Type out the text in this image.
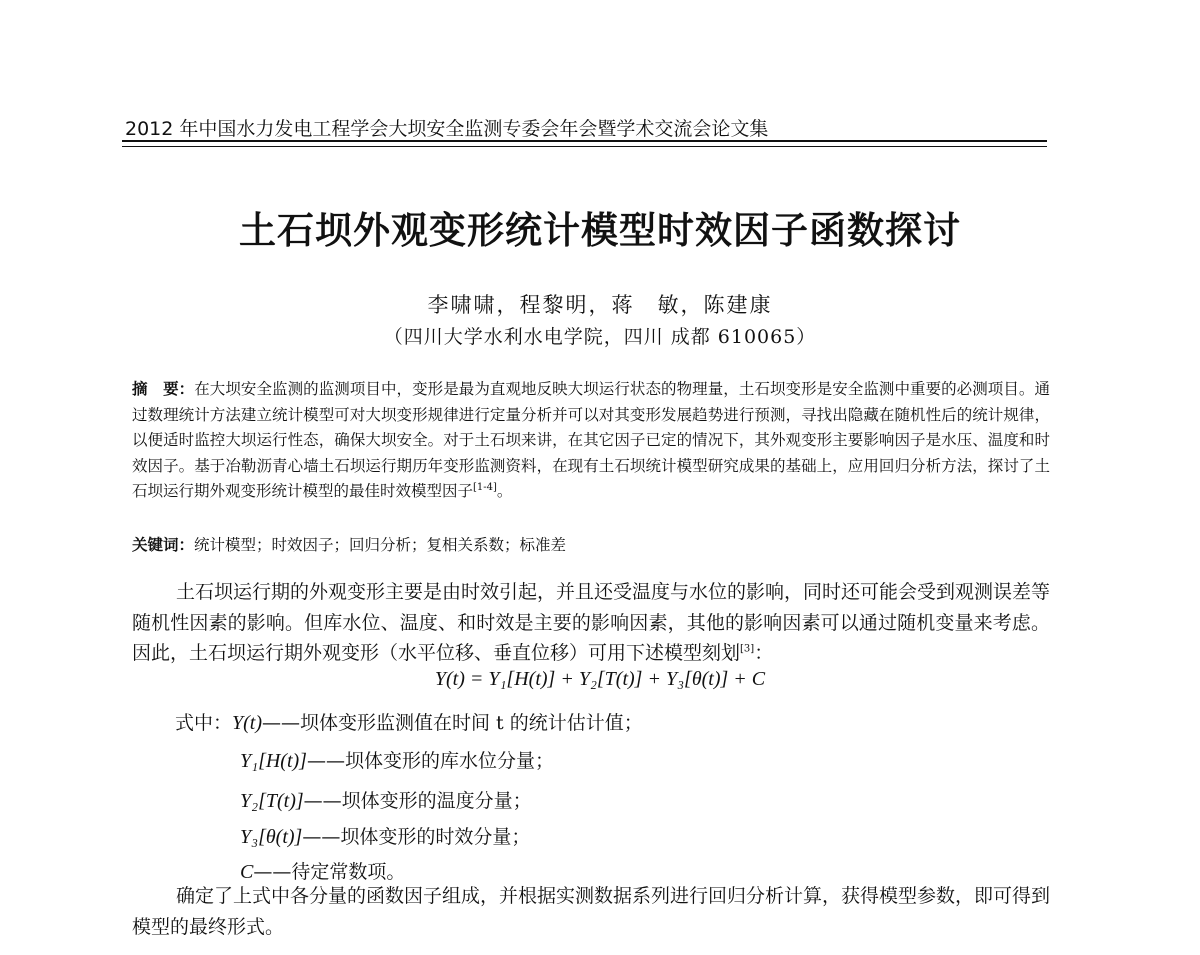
2012 年中国水力发电工程学会大坝安全监测专委会年会暨学术交流会论文集
土石坝外观变形统计模型时效因子函数探讨
李啸啸，程黎明，蒋　敏，陈建康
（四川大学水利水电学院，四川 成都 610065）
摘　要：在大坝安全监测的监测项目中，变形是最为直观地反映大坝运行状态的物理量，土石坝变形是安全监测中重要的必测项目。通过数理统计方法建立统计模型可对大坝变形规律进行定量分析并可以对其变形发展趋势进行预测，寻找出隐藏在随机性后的统计规律，以便适时监控大坝运行性态，确保大坝安全。对于土石坝来讲，在其它因子已定的情况下，其外观变形主要影响因子是水压、温度和时效因子。基于冶勒沥青心墙土石坝运行期历年变形监测资料，在现有土石坝统计模型研究成果的基础上，应用回归分析方法，探讨了土石坝运行期外观变形统计模型的最佳时效模型因子[1-4]。
关键词：统计模型；时效因子；回归分析；复相关系数；标准差
土石坝运行期的外观变形主要是由时效引起，并且还受温度与水位的影响，同时还可能会受到观测误差等随机性因素的影响。但库水位、温度、和时效是主要的影响因素，其他的影响因素可以通过随机变量来考虑。因此，土石坝运行期外观变形（水平位移、垂直位移）可用下述模型刻划[3]：
Y(t) = Y₁[H(t)] + Y₂[T(t)] + Y₃[θ(t)] + C
式中：Y(t)——坝体变形监测值在时间 t 的统计估计值；
Y₁[H(t)]——坝体变形的库水位分量；
Y₂[T(t)]——坝体变形的温度分量；
Y₃[θ(t)]——坝体变形的时效分量；
C——待定常数项。
确定了上式中各分量的函数因子组成，并根据实测数据系列进行回归分析计算，获得模型参数，即可得到模型的最终形式。
